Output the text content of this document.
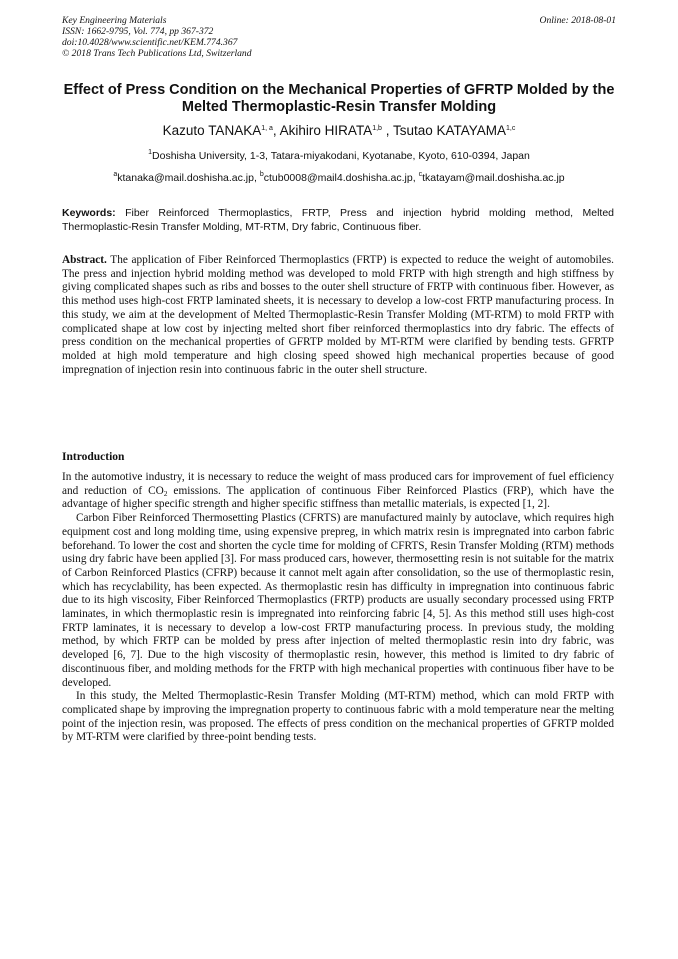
Key Engineering Materials
ISSN: 1662-9795, Vol. 774, pp 367-372
doi:10.4028/www.scientific.net/KEM.774.367
© 2018 Trans Tech Publications Ltd, Switzerland
Online: 2018-08-01
Effect of Press Condition on the Mechanical Properties of GFRTP Molded by the Melted Thermoplastic-Resin Transfer Molding
Kazuto TANAKA$^{1, a}$, Akihiro HIRATA$^{1,b}$ , Tsutao KATAYAMA$^{1,c}$
$^1$Doshisha University, 1-3, Tatara-miyakodani, Kyotanabe, Kyoto, 610-0394, Japan
$^a$ktanaka@mail.doshisha.ac.jp, $^b$ctub0008@mail4.doshisha.ac.jp, $^c$tkatayam@mail.doshisha.ac.jp
Keywords: Fiber Reinforced Thermoplastics, FRTP, Press and injection hybrid molding method, Melted Thermoplastic-Resin Transfer Molding, MT-RTM, Dry fabric, Continuous fiber.

Abstract. The application of Fiber Reinforced Thermoplastics (FRTP) is expected to reduce the weight of automobiles. The press and injection hybrid molding method was developed to mold FRTP with high strength and high stiffness by giving complicated shapes such as ribs and bosses to the outer shell structure of FRTP with continuous fiber. However, as this method uses high-cost FRTP laminated sheets, it is necessary to develop a low-cost FRTP manufacturing process. In this study, we aim at the development of Melted Thermoplastic-Resin Transfer Molding (MT-RTM) to mold FRTP with complicated shape at low cost by injecting melted short fiber reinforced thermoplastics into dry fabric. The effects of press condition on the mechanical properties of GFRTP molded by MT-RTM were clarified by bending tests. GFRTP molded at high mold temperature and high closing speed showed high mechanical properties because of good impregnation of injection resin into continuous fabric in the outer shell structure.

Introduction

In the automotive industry, it is necessary to reduce the weight of mass produced cars for improvement of fuel efficiency and reduction of $CO_2$ emissions. The application of continuous Fiber Reinforced Plastics (FRP), which have the advantage of higher specific strength and higher specific stiffness than metallic materials, is expected [1, 2].

Carbon Fiber Reinforced Thermosetting Plastics (CFRTS) are manufactured mainly by autoclave, which requires high equipment cost and long molding time, using expensive prepreg, in which matrix resin is impregnated into carbon fabric beforehand. To lower the cost and shorten the cycle time for molding of CFRTS, Resin Transfer Molding (RTM) methods using dry fabric have been applied [3]. For mass produced cars, however, thermosetting resin is not suitable for the matrix of Carbon Reinforced Plastics (CFRP) because it cannot melt again after consolidation, so the use of thermoplastic resin, which has recyclability, has been expected. As thermoplastic resin has difficulty in impregnation into continuous fabric due to its high viscosity, Fiber Reinforced Thermoplastics (FRTP) products are usually secondary processed using FRTP laminates, in which thermoplastic resin is impregnated into reinforcing fabric [4, 5]. As this method still uses high-cost FRTP laminates, it is necessary to develop a low-cost FRTP manufacturing process. In previous study, the molding method, by which FRTP can be molded by press after injection of melted thermoplastic resin into dry fabric, was developed [6, 7]. Due to the high viscosity of thermoplastic resin, however, this method is limited to dry fabric of discontinuous fiber, and molding methods for the FRTP with high mechanical properties with continuous fiber have to be developed.

In this study, the Melted Thermoplastic-Resin Transfer Molding (MT-RTM) method, which can mold FRTP with complicated shape by improving the impregnation property to continuous fabric with a mold temperature near the melting point of the injection resin, was proposed. The effects of press condition on the mechanical properties of GFRTP molded by MT-RTM were clarified by three-point bending tests.
